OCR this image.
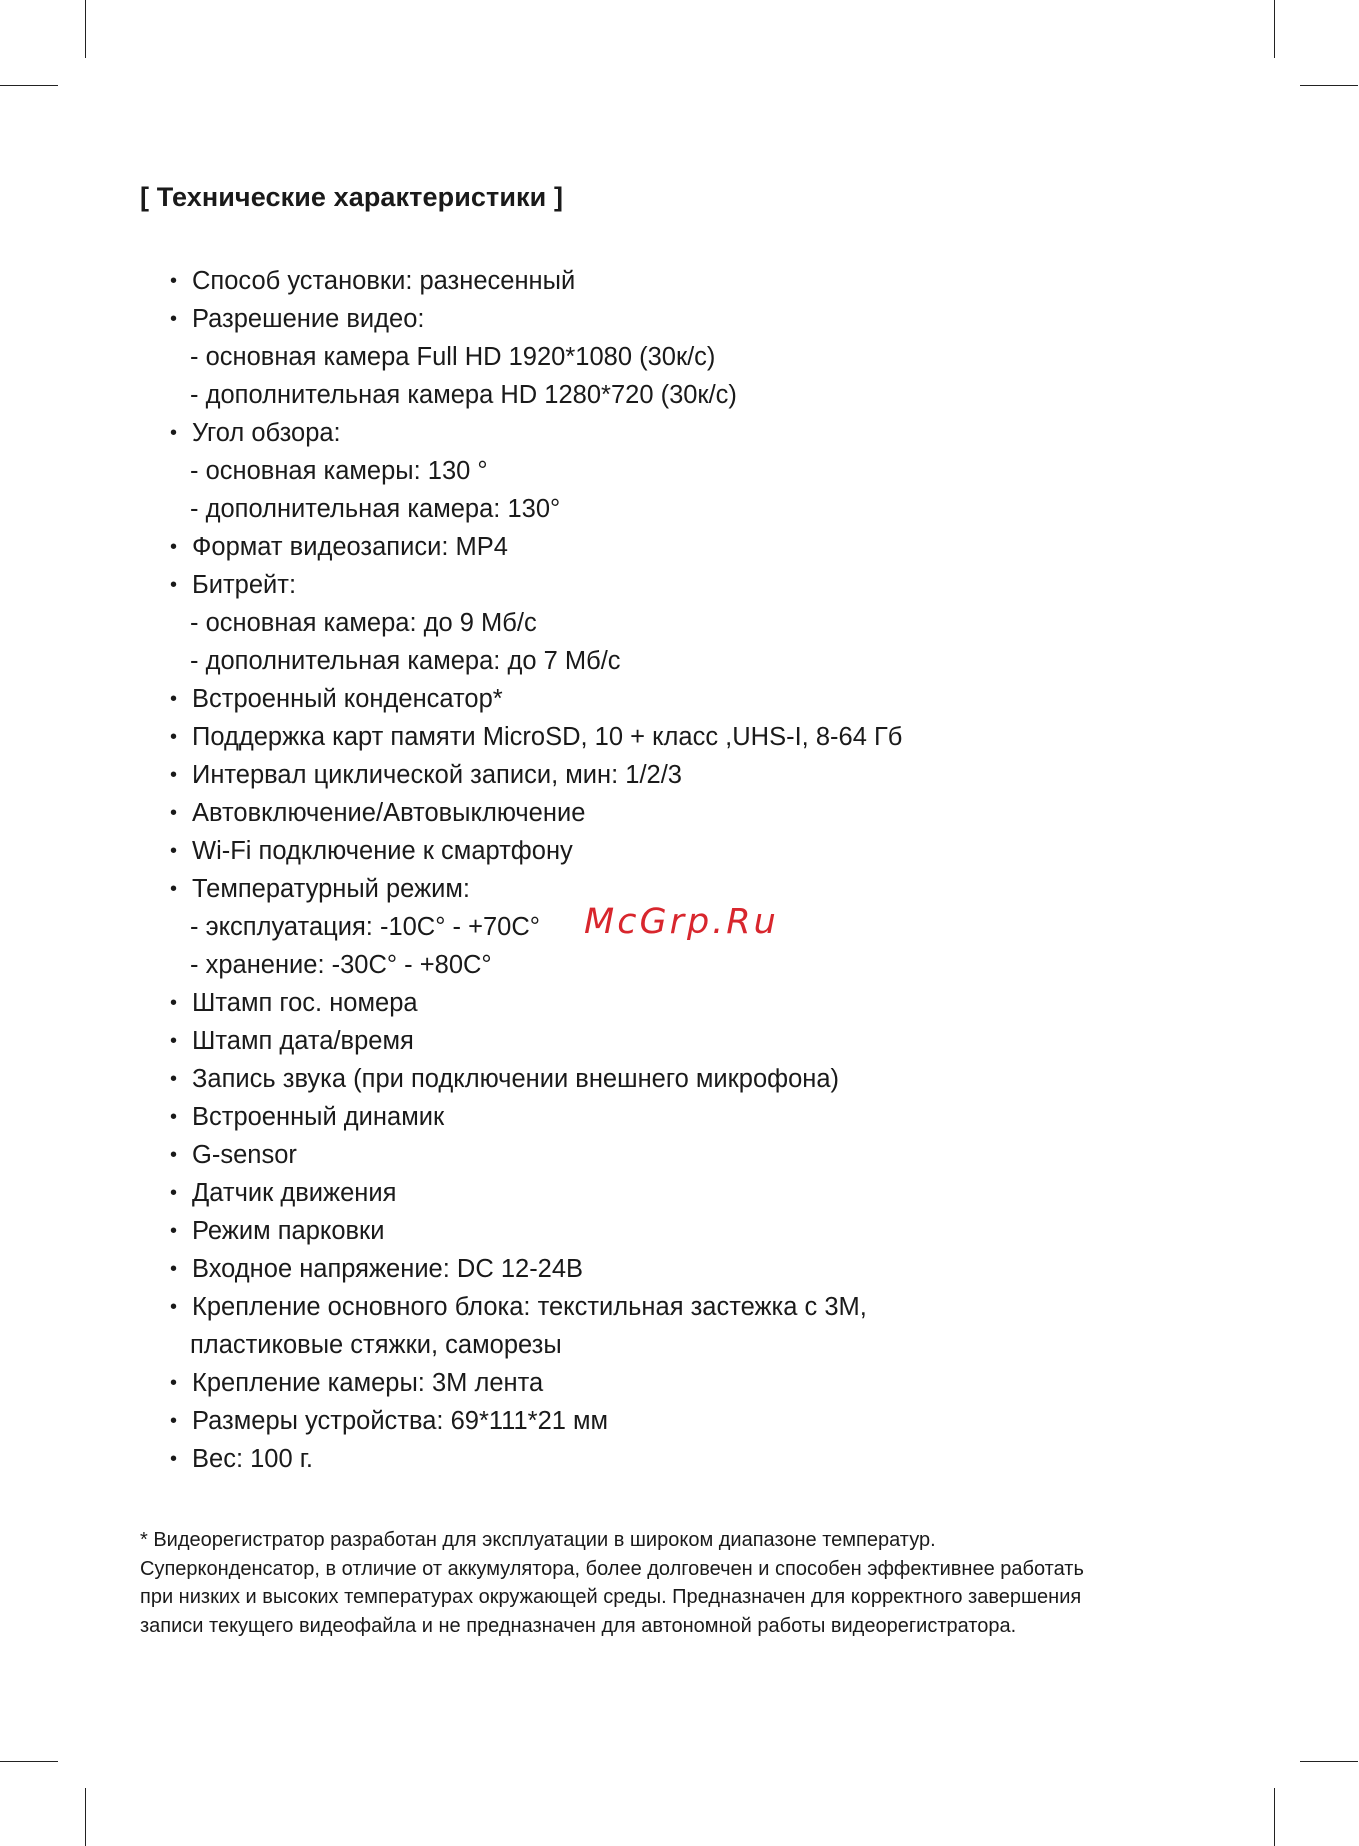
[ Технические характеристики ]
• Способ установки: разнесенный
• Разрешение видео:
- основная камера Full HD 1920*1080 (30к/с)
- дополнительная камера HD 1280*720 (30к/с)
• Угол обзора:
- основная камеры: 130 °
- дополнительная камера: 130°
• Формат видеозаписи: MP4
• Битрейт:
- основная камера: до 9 Мб/с
- дополнительная камера: до 7 Мб/с
• Встроенный конденсатор*
• Поддержка карт памяти MicroSD, 10 + класс ,UHS-I, 8-64 Гб
• Интервал циклической записи, мин: 1/2/3
• Автовключение/Автовыключение
• Wi-Fi подключение к смартфону
• Температурный режим:
- эксплуатация: -10С° - +70С°
- хранение: -30С° - +80С°
• Штамп гос. номера
• Штамп дата/время
• Запись звука (при подключении внешнего микрофона)
• Встроенный динамик
• G-sensor
• Датчик движения
• Режим парковки
• Входное напряжение: DC 12-24В
• Крепление основного блока: текстильная застежка с 3М,
пластиковые стяжки, саморезы
• Крепление камеры: 3М лента
• Размеры устройства: 69*111*21 мм
• Вес: 100 г.
McGrp.Ru
* Видеорегистратор разработан для эксплуатации в широком диапазоне температур.
Суперконденсатор, в отличие от аккумулятора, более долговечен и способен эффективнее работать
при низких и высоких температурах окружающей среды. Предназначен для корректного завершения
записи текущего видеофайла и не предназначен для автономной работы видеорегистратора.
